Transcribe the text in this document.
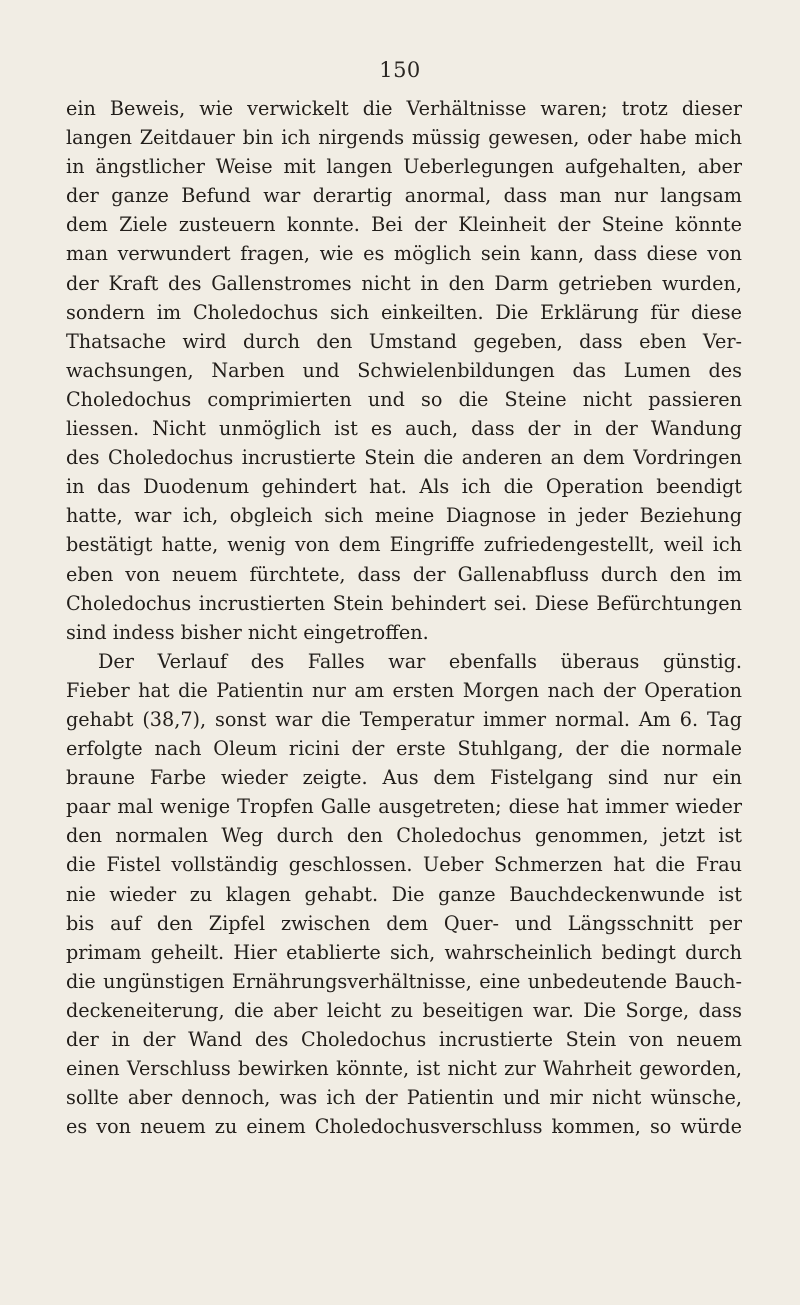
150
ein Beweis, wie verwickelt die Verhältnisse waren; trotz dieser
langen Zeitdauer bin ich nirgends müssig gewesen, oder habe mich
in ängstlicher Weise mit langen Ueberlegungen aufgehalten, aber
der ganze Befund war derartig anormal, dass man nur langsam
dem Ziele zusteuern konnte. Bei der Kleinheit der Steine könnte
man verwundert fragen, wie es möglich sein kann, dass diese von
der Kraft des Gallenstromes nicht in den Darm getrieben wurden,
sondern im Choledochus sich einkeilten. Die Erklärung für diese
Thatsache wird durch den Umstand gegeben, dass eben Ver-
wachsungen, Narben und Schwielenbildungen das Lumen des
Choledochus comprimierten und so die Steine nicht passieren
liessen. Nicht unmöglich ist es auch, dass der in der Wandung
des Choledochus incrustierte Stein die anderen an dem Vordringen
in das Duodenum gehindert hat. Als ich die Operation beendigt
hatte, war ich, obgleich sich meine Diagnose in jeder Beziehung
bestätigt hatte, wenig von dem Eingriffe zufriedengestellt, weil ich
eben von neuem fürchtete, dass der Gallenabfluss durch den im
Choledochus incrustierten Stein behindert sei. Diese Befürchtungen
sind indess bisher nicht eingetroffen.
Der Verlauf des Falles war ebenfalls überaus günstig.
Fieber hat die Patientin nur am ersten Morgen nach der Operation
gehabt (38,7), sonst war die Temperatur immer normal. Am 6. Tag
erfolgte nach Oleum ricini der erste Stuhlgang, der die normale
braune Farbe wieder zeigte. Aus dem Fistelgang sind nur ein
paar mal wenige Tropfen Galle ausgetreten; diese hat immer wieder
den normalen Weg durch den Choledochus genommen, jetzt ist
die Fistel vollständig geschlossen. Ueber Schmerzen hat die Frau
nie wieder zu klagen gehabt. Die ganze Bauchdeckenwunde ist
bis auf den Zipfel zwischen dem Quer- und Längsschnitt per
primam geheilt. Hier etablierte sich, wahrscheinlich bedingt durch
die ungünstigen Ernährungsverhältnisse, eine unbedeutende Bauch-
deckeneiterung, die aber leicht zu beseitigen war. Die Sorge, dass
der in der Wand des Choledochus incrustierte Stein von neuem
einen Verschluss bewirken könnte, ist nicht zur Wahrheit geworden,
sollte aber dennoch, was ich der Patientin und mir nicht wünsche,
es von neuem zu einem Choledochusverschluss kommen, so würde
